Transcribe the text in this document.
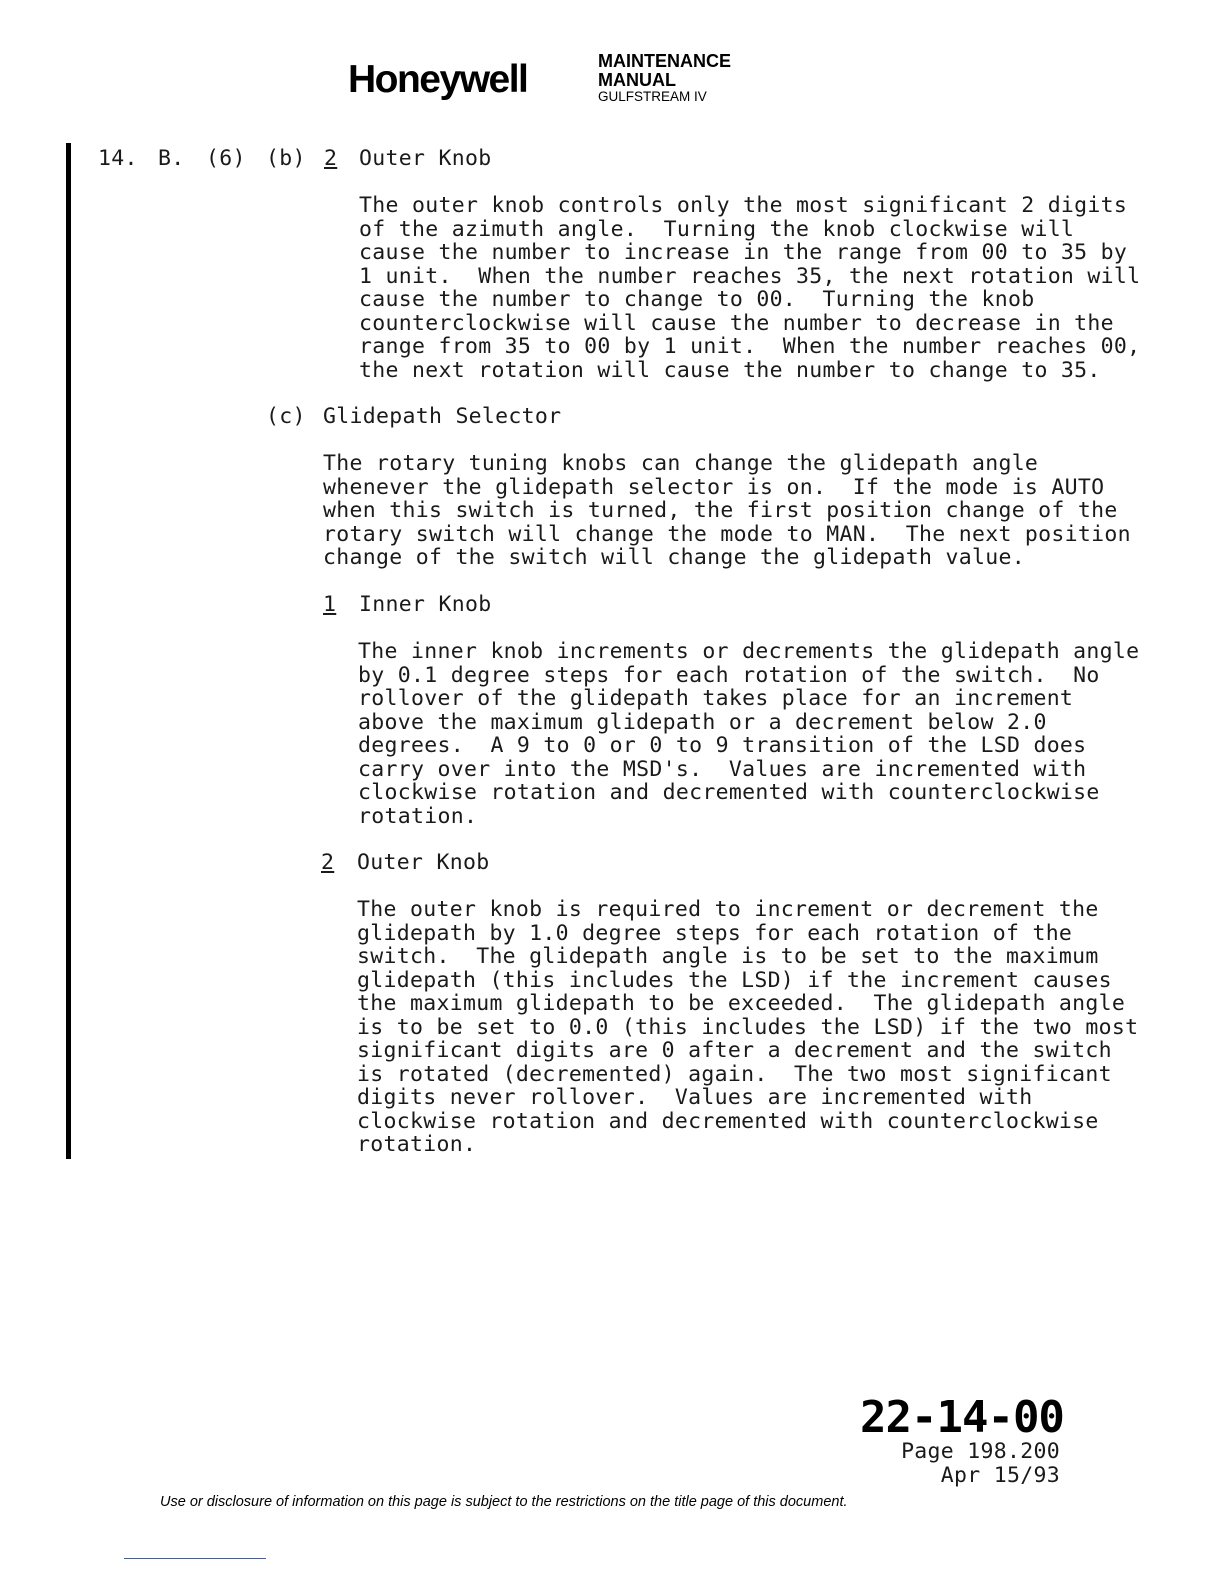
Honeywell	MAINTENANCE
MANUAL
GULFSTREAM IV
14. B. (6) (b) 2 Outer Knob

The outer knob controls only the most significant 2 digits
of the azimuth angle.  Turning the knob clockwise will
cause the number to increase in the range from 00 to 35 by
1 unit.  When the number reaches 35, the next rotation will
cause the number to change to 00.  Turning the knob
counterclockwise will cause the number to decrease in the
range from 35 to 00 by 1 unit.  When the number reaches 00,
the next rotation will cause the number to change to 35.

(c) Glidepath Selector

The rotary tuning knobs can change the glidepath angle
whenever the glidepath selector is on.  If the mode is AUTO
when this switch is turned, the first position change of the
rotary switch will change the mode to MAN.  The next position
change of the switch will change the glidepath value.

1 Inner Knob

The inner knob increments or decrements the glidepath angle
by 0.1 degree steps for each rotation of the switch.  No
rollover of the glidepath takes place for an increment
above the maximum glidepath or a decrement below 2.0
degrees.  A 9 to 0 or 0 to 9 transition of the LSD does
carry over into the MSD's.  Values are incremented with
clockwise rotation and decremented with counterclockwise
rotation.

2 Outer Knob

The outer knob is required to increment or decrement the
glidepath by 1.0 degree steps for each rotation of the
switch.  The glidepath angle is to be set to the maximum
glidepath (this includes the LSD) if the increment causes
the maximum glidepath to be exceeded.  The glidepath angle
is to be set to 0.0 (this includes the LSD) if the two most
significant digits are 0 after a decrement and the switch
is rotated (decremented) again.  The two most significant
digits never rollover.  Values are incremented with
clockwise rotation and decremented with counterclockwise
rotation.

22-14-00
Page 198.200
Apr 15/93
Use or disclosure of information on this page is subject to the restrictions on the title page of this document.
